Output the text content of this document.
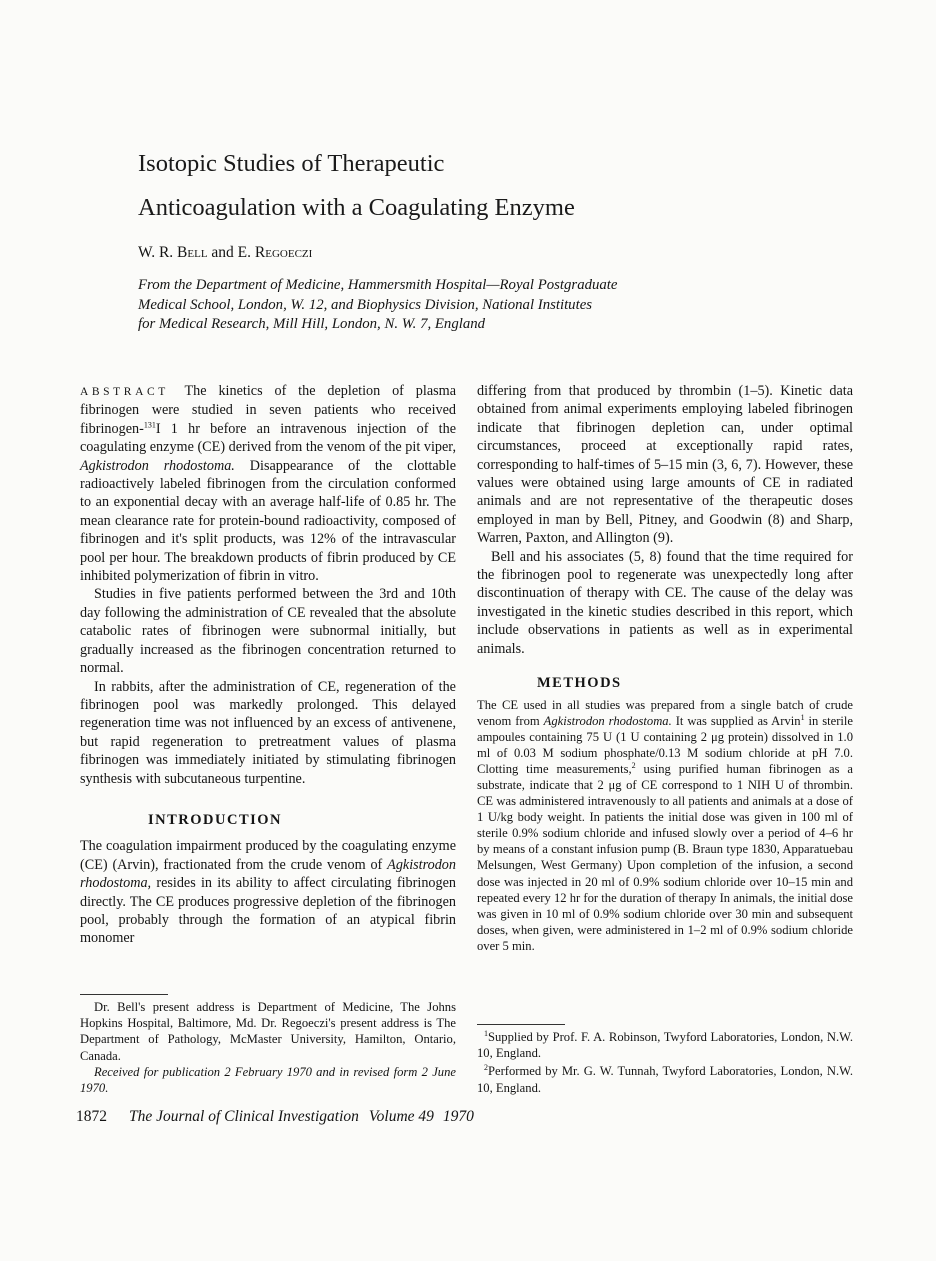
Isotopic Studies of Therapeutic
Anticoagulation with a Coagulating Enzyme
W. R. Bell and E. Regoeczi
From the Department of Medicine, Hammersmith Hospital—Royal Postgraduate
Medical School, London, W. 12, and Biophysics Division, National Institutes
for Medical Research, Mill Hill, London, N. W. 7, England

ABSTRACT The kinetics of the depletion of plasma fibrinogen were studied in seven patients who received fibrinogen-$^{131}$I 1 hr before an intravenous injection of the coagulating enzyme (CE) derived from the venom of the pit viper, Agkistrodon rhodostoma. Disappearance of the clottable radioactively labeled fibrinogen from the circulation conformed to an exponential decay with an average half-life of 0.85 hr. The mean clearance rate for protein-bound radioactivity, composed of fibrinogen and it's split products, was 12% of the intravascular pool per hour. The breakdown products of fibrin produced by CE inhibited polymerization of fibrin in vitro.

Studies in five patients performed between the 3rd and 10th day following the administration of CE revealed that the absolute catabolic rates of fibrinogen were subnormal initially, but gradually increased as the fibrinogen concentration returned to normal.

In rabbits, after the administration of CE, regeneration of the fibrinogen pool was markedly prolonged. This delayed regeneration time was not influenced by an excess of antivenene, but rapid regeneration to pretreatment values of plasma fibrinogen was immediately initiated by stimulating fibrinogen synthesis with subcutaneous turpentine.

INTRODUCTION

The coagulation impairment produced by the coagulating enzyme (CE) (Arvin), fractionated from the crude venom of Agkistrodon rhodostoma, resides in its ability to affect circulating fibrinogen directly. The CE produces progressive depletion of the fibrinogen pool, probably through the formation of an atypical fibrin monomer

differing from that produced by thrombin (1–5). Kinetic data obtained from animal experiments employing labeled fibrinogen indicate that fibrinogen depletion can, under optimal circumstances, proceed at exceptionally rapid rates, corresponding to half-times of 5–15 min (3, 6, 7). However, these values were obtained using large amounts of CE in radiated animals and are not representative of the therapeutic doses employed in man by Bell, Pitney, and Goodwin (8) and Sharp, Warren, Paxton, and Allington (9).

Bell and his associates (5, 8) found that the time required for the fibrinogen pool to regenerate was unexpectedly long after discontinuation of therapy with CE. The cause of the delay was investigated in the kinetic studies described in this report, which include observations in patients as well as in experimental animals.

METHODS

The CE used in all studies was prepared from a single batch of crude venom from Agkistrodon rhodostoma. It was supplied as Arvin$^1$ in sterile ampoules containing 75 U (1 U containing 2 μg protein) dissolved in 1.0 ml of 0.03 M sodium phosphate/0.13 M sodium chloride at pH 7.0. Clotting time measurements,$^2$ using purified human fibrinogen as a substrate, indicate that 2 μg of CE correspond to 1 NIH U of thrombin. CE was administered intravenously to all patients and animals at a dose of 1 U/kg body weight. In patients the initial dose was given in 100 ml of sterile 0.9% sodium chloride and infused slowly over a period of 4–6 hr by means of a constant infusion pump (B. Braun type 1830, Apparatuebau Melsungen, West Germany) Upon completion of the infusion, a second dose was injected in 20 ml of 0.9% sodium chloride over 10–15 min and repeated every 12 hr for the duration of therapy In animals, the initial dose was given in 10 ml of 0.9% sodium chloride over 30 min and subsequent doses, when given, were administered in 1–2 ml of 0.9% sodium chloride over 5 min.

Dr. Bell's present address is Department of Medicine, The Johns Hopkins Hospital, Baltimore, Md. Dr. Regoeczi's present address is The Department of Pathology, McMaster University, Hamilton, Ontario, Canada.

Received for publication 2 February 1970 and in revised form 2 June 1970.

$^1$Supplied by Prof. F. A. Robinson, Twyford Laboratories, London, N.W. 10, England.

$^2$Performed by Mr. G. W. Tunnah, Twyford Laboratories, London, N.W. 10, England.

1872 The Journal of Clinical Investigation Volume 49 1970
